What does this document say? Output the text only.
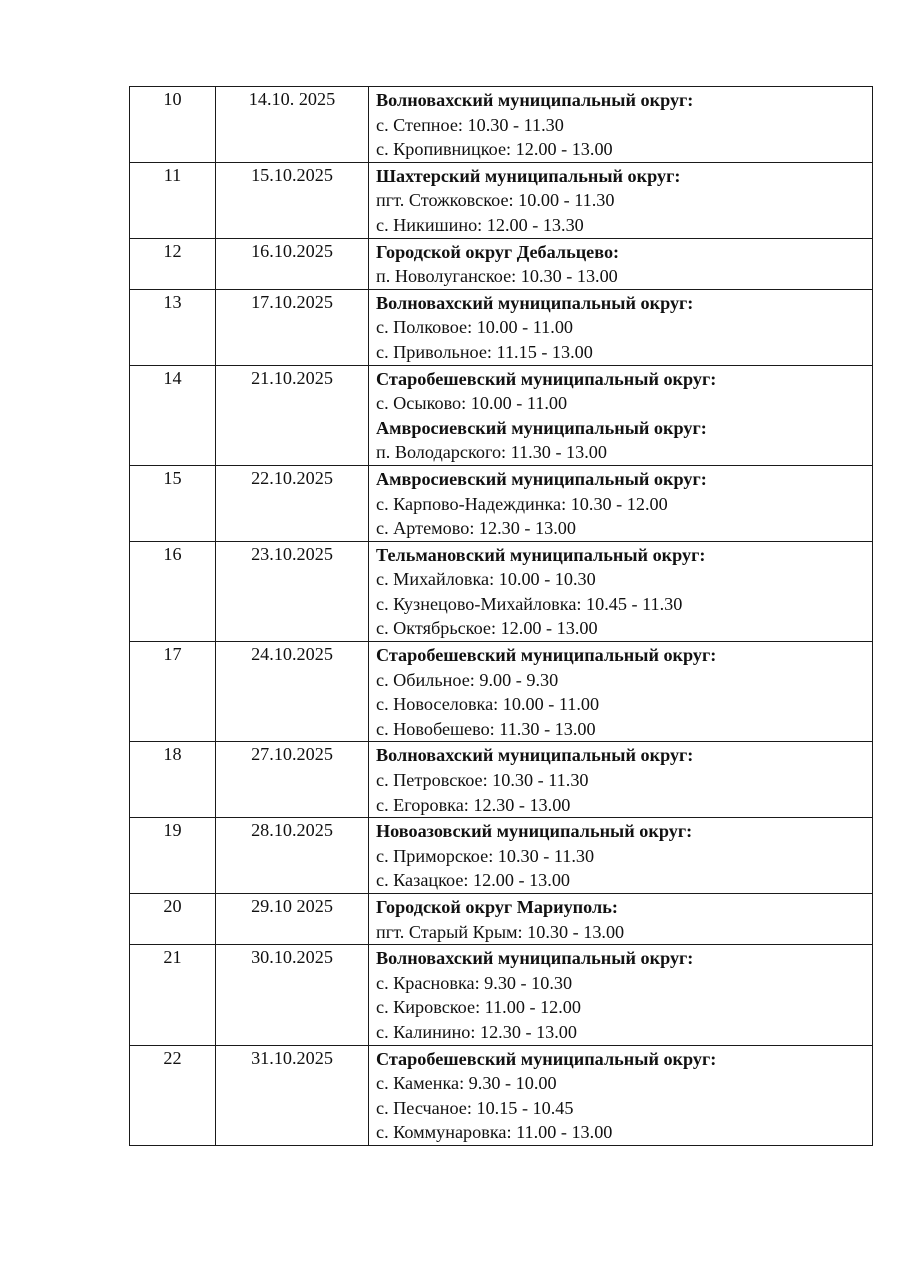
10	14.10. 2025	Волновахский муниципальный округ:
с. Степное: 10.30 - 11.30
с. Кропивницкое: 12.00 - 13.00

11	15.10.2025	Шахтерский муниципальный округ:
пгт. Стожковское: 10.00 - 11.30
с. Никишино: 12.00 - 13.30

12	16.10.2025	Городской округ Дебальцево:
п. Новолуганское: 10.30 - 13.00

13	17.10.2025	Волновахский муниципальный округ:
с. Полковое: 10.00 - 11.00
с. Привольное: 11.15 - 13.00

14	21.10.2025	Старобешевский муниципальный округ:
с. Осыково: 10.00 - 11.00
Амвросиевский муниципальный округ:
п. Володарского: 11.30 - 13.00

15	22.10.2025	Амвросиевский муниципальный округ:
с. Карпово-Надеждинка: 10.30 - 12.00
с. Артемово: 12.30 - 13.00

16	23.10.2025	Тельмановский муниципальный округ:
с. Михайловка: 10.00 - 10.30
с. Кузнецово-Михайловка: 10.45 - 11.30
с. Октябрьское: 12.00 - 13.00

17	24.10.2025	Старобешевский муниципальный округ:
с. Обильное: 9.00 - 9.30
с. Новоселовка: 10.00 - 11.00
с. Новобешево: 11.30 - 13.00

18	27.10.2025	Волновахский муниципальный округ:
с. Петровское: 10.30 - 11.30
с. Егоровка: 12.30 - 13.00

19	28.10.2025	Новоазовский муниципальный округ:
с. Приморское: 10.30 - 11.30
с. Казацкое: 12.00 - 13.00

20	29.10 2025	Городской округ Мариуполь:
пгт. Старый Крым: 10.30 - 13.00

21	30.10.2025	Волновахский муниципальный округ:
с. Красновка: 9.30 - 10.30
с. Кировское: 11.00 - 12.00
с. Калинино: 12.30 - 13.00

22	31.10.2025	Старобешевский муниципальный округ:
с. Каменка: 9.30 - 10.00
с. Песчаное: 10.15 - 10.45
с. Коммунаровка: 11.00 - 13.00
